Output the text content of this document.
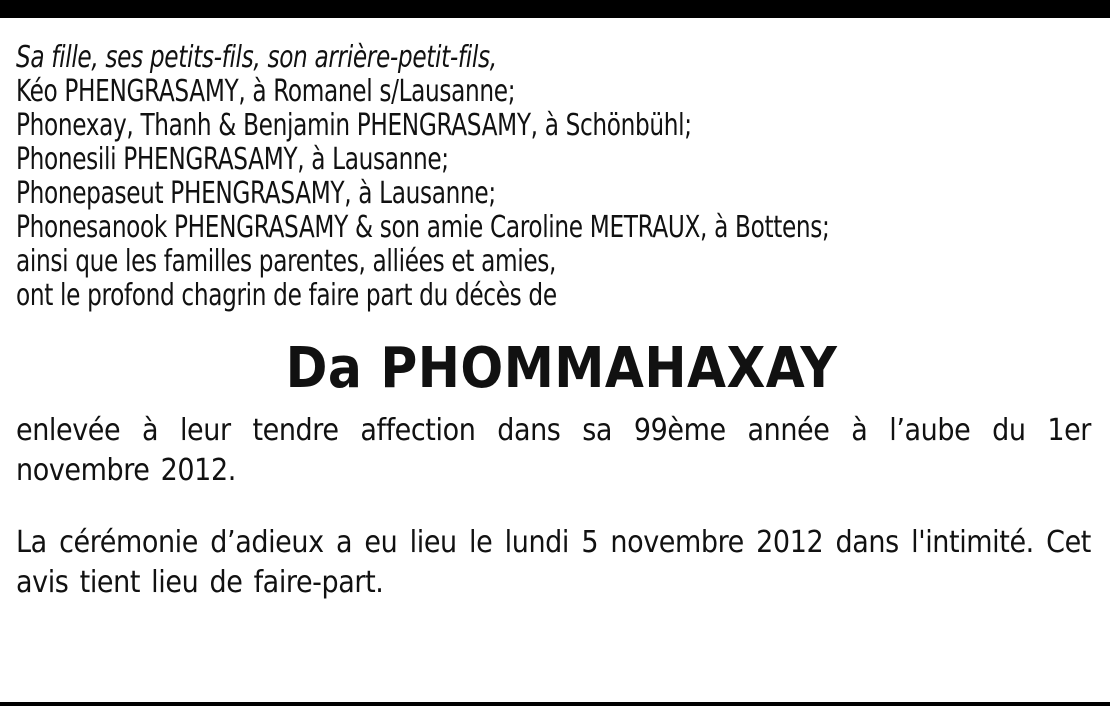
Sa fille, ses petits-fils, son arrière-petit-fils,
Kéo PHENGRASAMY, à Romanel s/Lausanne;
Phonexay, Thanh & Benjamin PHENGRASAMY, à Schönbühl;
Phonesili PHENGRASAMY, à Lausanne;
Phonepaseut PHENGRASAMY, à Lausanne;
Phonesanook PHENGRASAMY & son amie Caroline METRAUX, à Bottens;
ainsi que les familles parentes, alliées et amies,
ont le profond chagrin de faire part du décès de
Da PHOMMAHAXAY
enlevée à leur tendre affection dans sa 99ème année à l’aube du 1er novembre 2012.
La cérémonie d’adieux a eu lieu le lundi 5 novembre 2012 dans l'intimité. Cet avis tient lieu de faire-part.
